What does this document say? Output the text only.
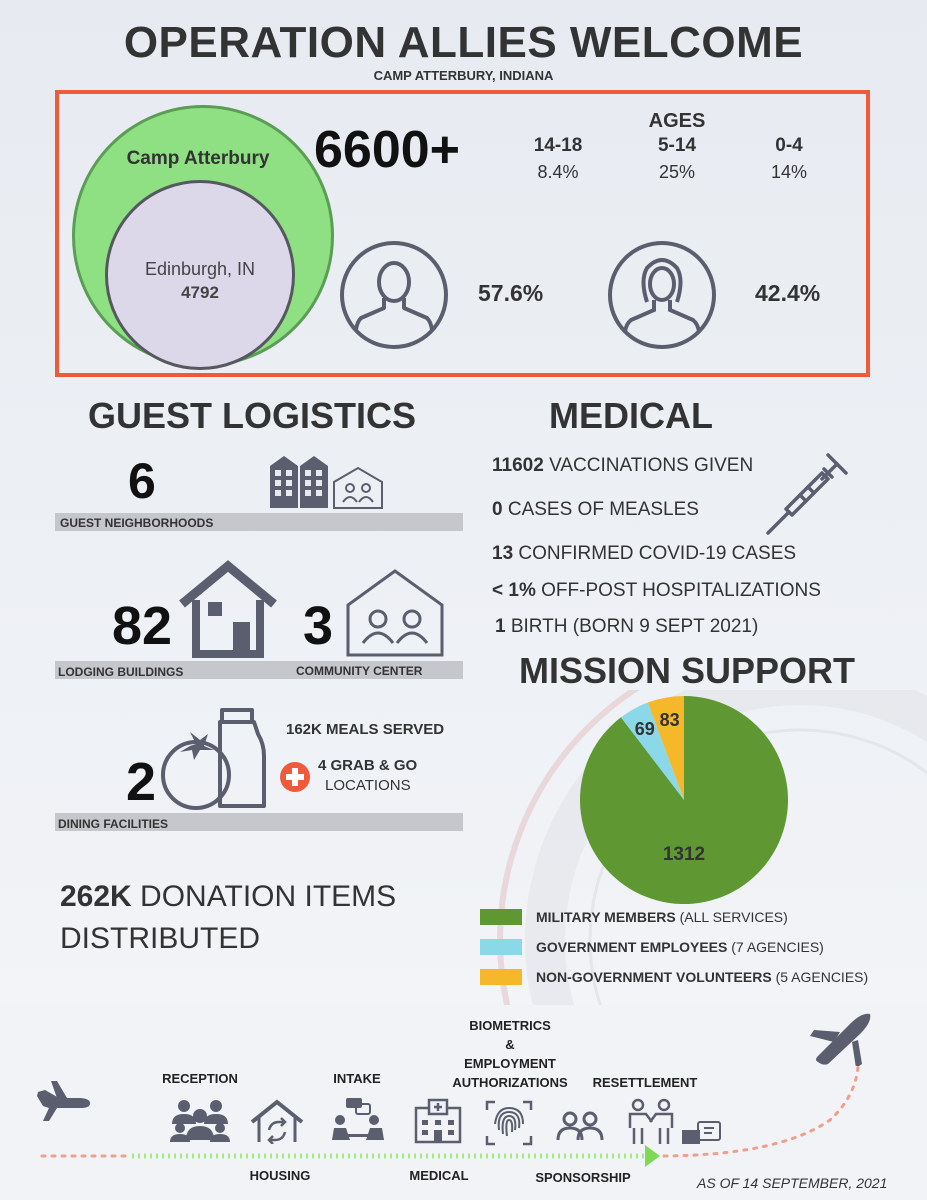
OPERATION ALLIES WELCOME
CAMP ATTERBURY, INDIANA
Camp Atterbury
Edinburgh, IN
4792
6600+	AGES
14-18
8.4%
5-14
25%
0-4
14%
57.6%	42.4%
GUEST LOGISTICS
6
GUEST NEIGHBORHOODS
82 3
LODGING BUILDINGS	COMMUNITY CENTER
2
162K MEALS SERVED
4 GRAB & GO
LOCATIONS
DINING FACILITIES
262K DONATION ITEMS
DISTRIBUTED
MEDICAL
11602 VACCINATIONS GIVEN
0 CASES OF MEASLES
13 CONFIRMED COVID-19 CASES
< 1% OFF-POST HOSPITALIZATIONS
1 BIRTH (BORN 9 SEPT 2021)
MISSION SUPPORT
83
69
1312
MILITARY MEMBERS (ALL SERVICES)
GOVERNMENT EMPLOYEES (7 AGENCIES)
NON-GOVERNMENT VOLUNTEERS (5 AGENCIES)
RECEPTION
HOUSING
INTAKE
MEDICAL
BIOMETRICS
&
EMPLOYMENT
AUTHORIZATIONS
SPONSORSHIP
RESETTLEMENT
AS OF 14 SEPTEMBER, 2021
